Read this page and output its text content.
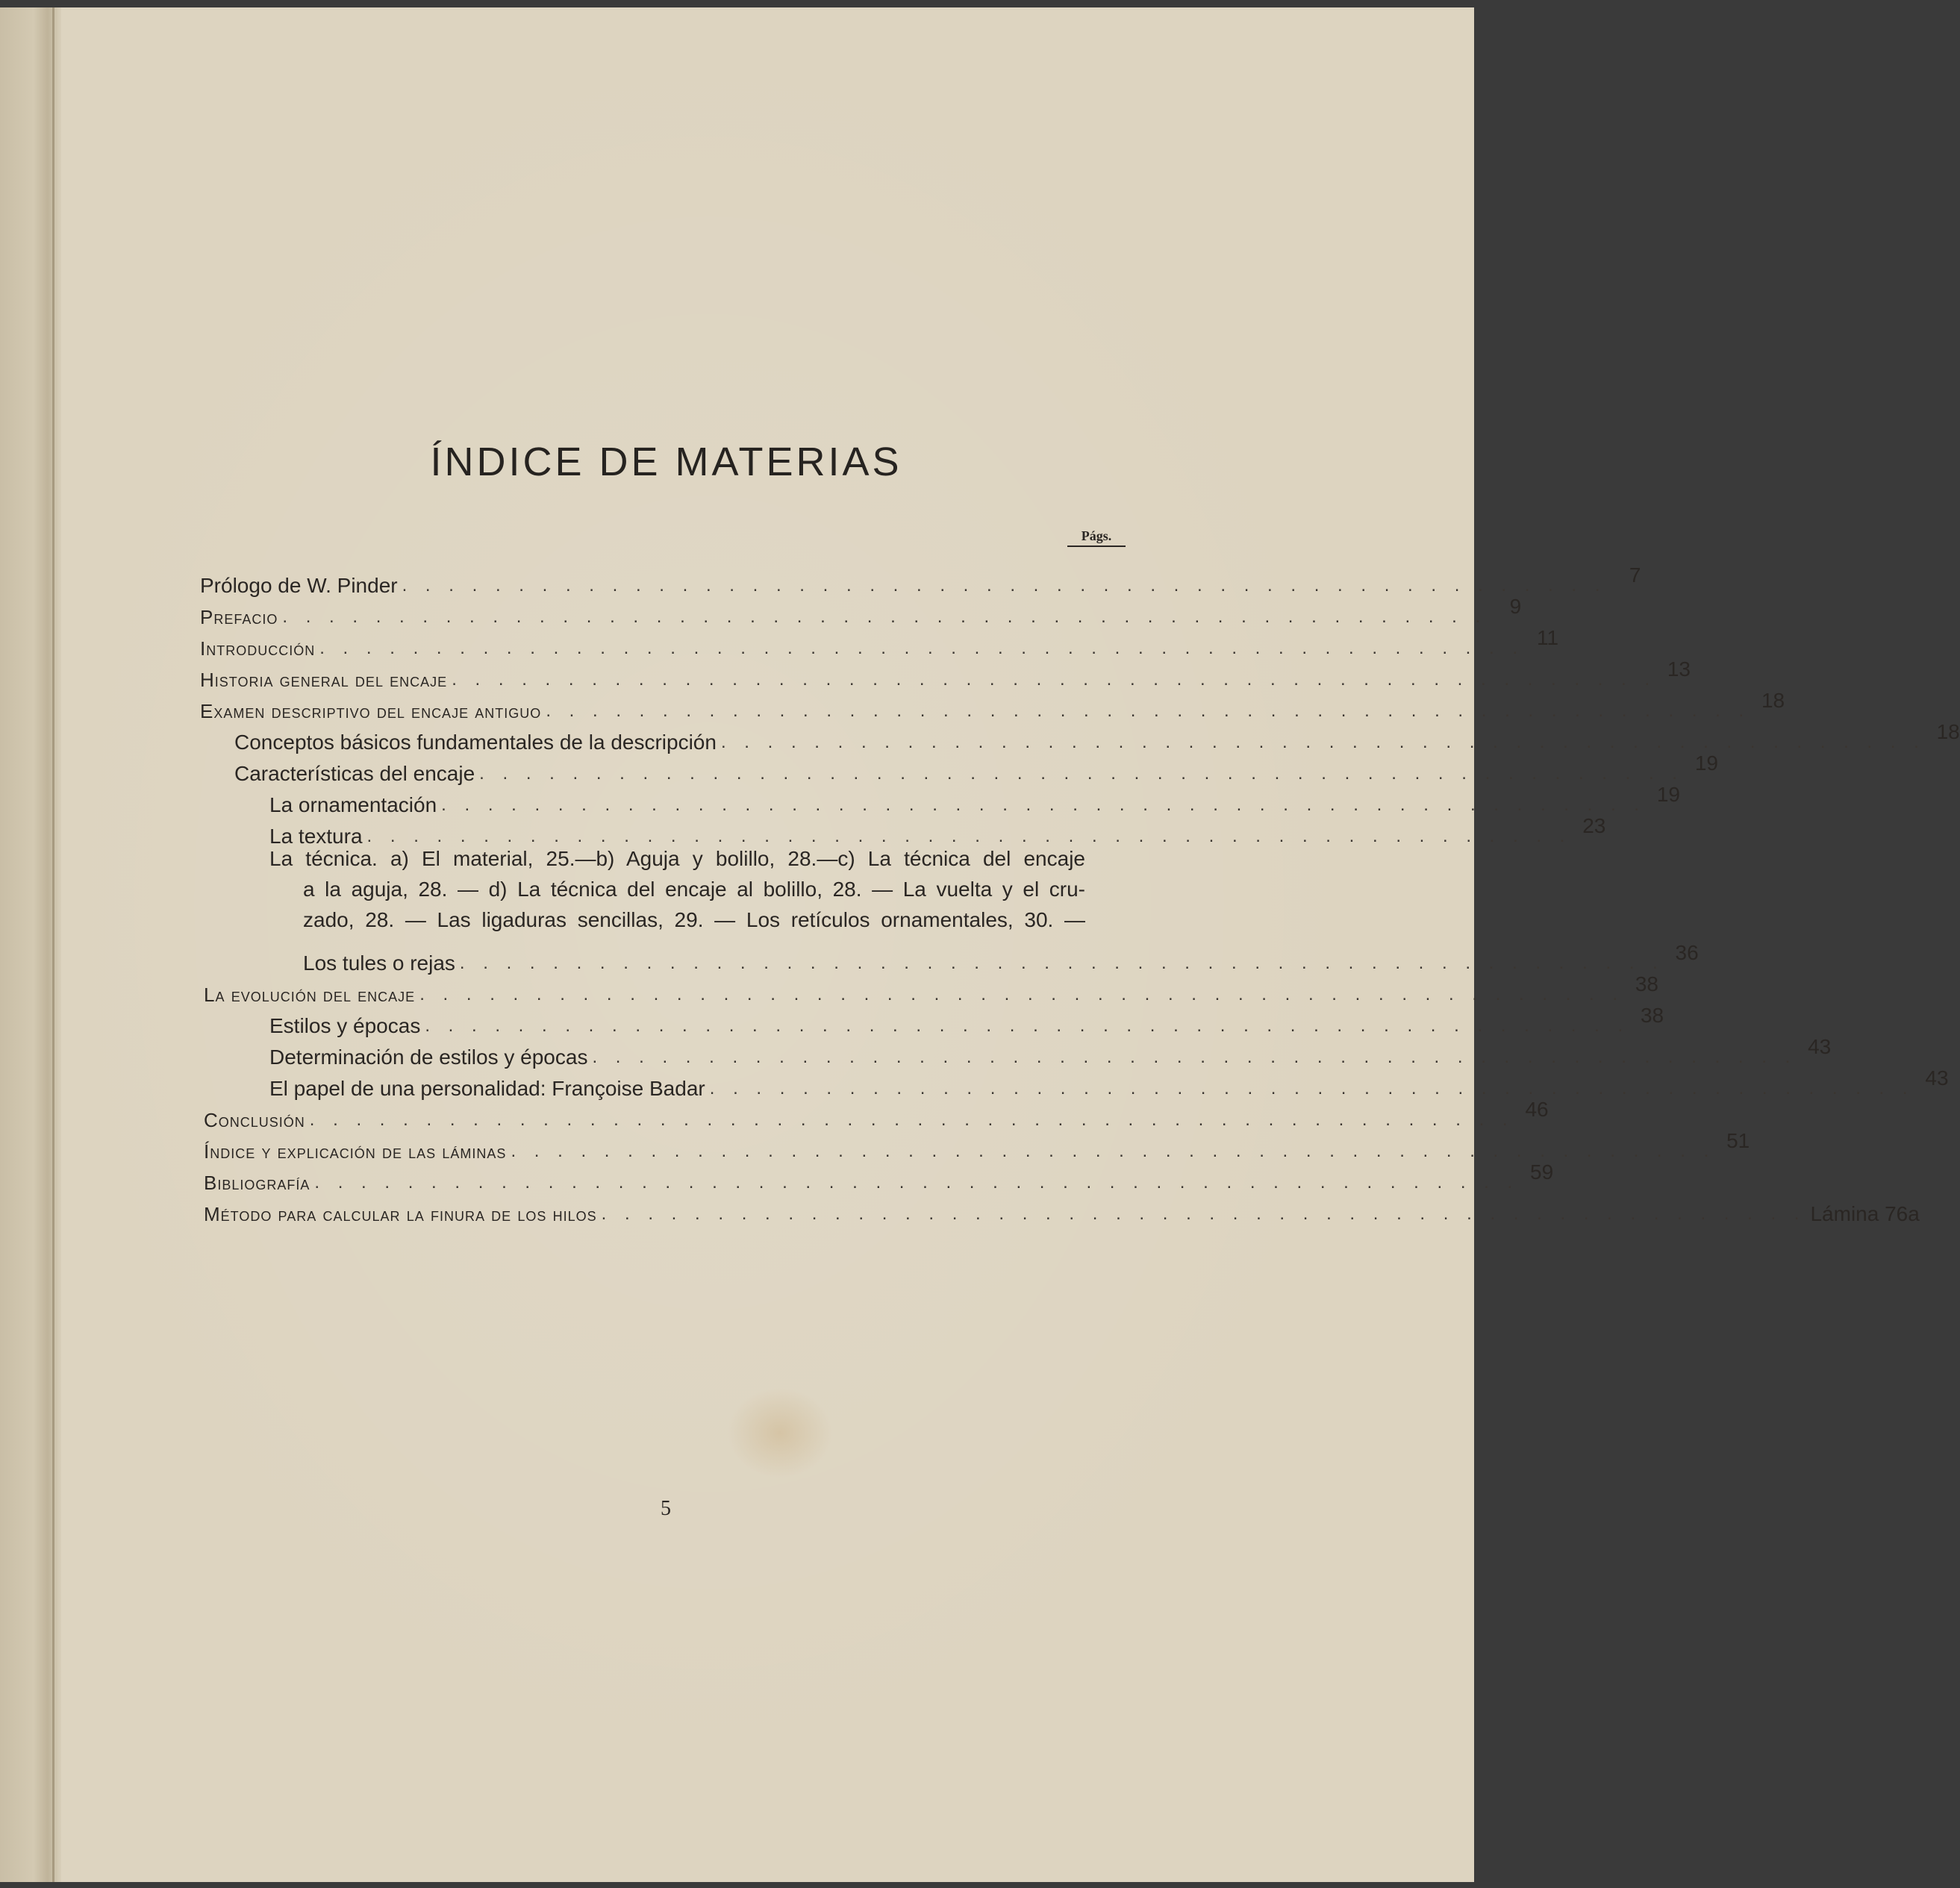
ÍNDICE DE MATERIAS
Págs.
Prólogo de W. Pinder . . . . . . . . . . . . . . . . . . . . . . . . . . . . . . . . . . . . . . . . . . . . . . . . . . . .	7
Prefacio . . . . . . . . . . . . . . . . . . . . . . . . . . . . . . . . . . . . . . . . . . . . . . . . . . . .	9
Introducción . . . . . . . . . . . . . . . . . . . . . . . . . . . . . . . . . . . . . . . . . . . . . . . . . . . . 11
Historia general del encaje . . . . . . . . . . . . . . . . . . . . . . . . . . . . . . . . . . . . . . . . . . . . . . . . . . . . 13
Examen descriptivo del encaje antiguo . . . . . . . . . . . . . . . . . . . . . . . . . . . . . . . . . . . . . . . . . . . . . . . . . . . . 18
Conceptos básicos fundamentales de la descripción . . . . . . . . . . . . . . . . . . . . . . . . . . . . . . . . . . . . . . . . . . . . . . . . . . . . 18
Características del encaje . . . . . . . . . . . . . . . . . . . . . . . . . . . . . . . . . . . . . . . . . . . . . . . . . . . . 19
La ornamentación . . . . . . . . . . . . . . . . . . . . . . . . . . . . . . . . . . . . . . . . . . . . . . . . . . . . 19
La textura . . . . . . . . . . . . . . . . . . . . . . . . . . . . . . . . . . . . . . . . . . . . . . . . . . . . 23
La técnica. a) El material, 25.—b) Aguja y bolillo, 28.—c) La técnica del encaje
a la aguja, 28. — d) La técnica del encaje al bolillo, 28. — La vuelta y el cru-
zado, 28. — Las ligaduras sencillas, 29. — Los retículos ornamentales, 30. —
Los tules o rejas . . . . . . . . . . . . . . . . . . . . . . . . . . . . . . . . . . . . . . . . . . . . . . . . . . . . 36
La evolución del encaje . . . . . . . . . . . . . . . . . . . . . . . . . . . . . . . . . . . . . . . . . . . . . . . . . . . . 38
Estilos y épocas . . . . . . . . . . . . . . . . . . . . . . . . . . . . . . . . . . . . . . . . . . . . . . . . . . . . 38
Determinación de estilos y épocas . . . . . . . . . . . . . . . . . . . . . . . . . . . . . . . . . . . . . . . . . . . . . . . . . . . . 43
El papel de una personalidad: Françoise Badar . . . . . . . . . . . . . . . . . . . . . . . . . . . . . . . . . . . . . . . . . . . . . . . . . . . . 43
Conclusión . . . . . . . . . . . . . . . . . . . . . . . . . . . . . . . . . . . . . . . . . . . . . . . . . . . . 46
Índice y explicación de las láminas . . . . . . . . . . . . . . . . . . . . . . . . . . . . . . . . . . . . . . . . . . . . . . . . . . . . 51
Bibliografía . . . . . . . . . . . . . . . . . . . . . . . . . . . . . . . . . . . . . . . . . . . . . . . . . . . . 59
Método para calcular la finura de los hilos . . . . . . . . . . . . . . . . . . . . . . . . . . . . . . . . . . . . . . . . . . . . . . . . . . . . Lámina 76a
5
